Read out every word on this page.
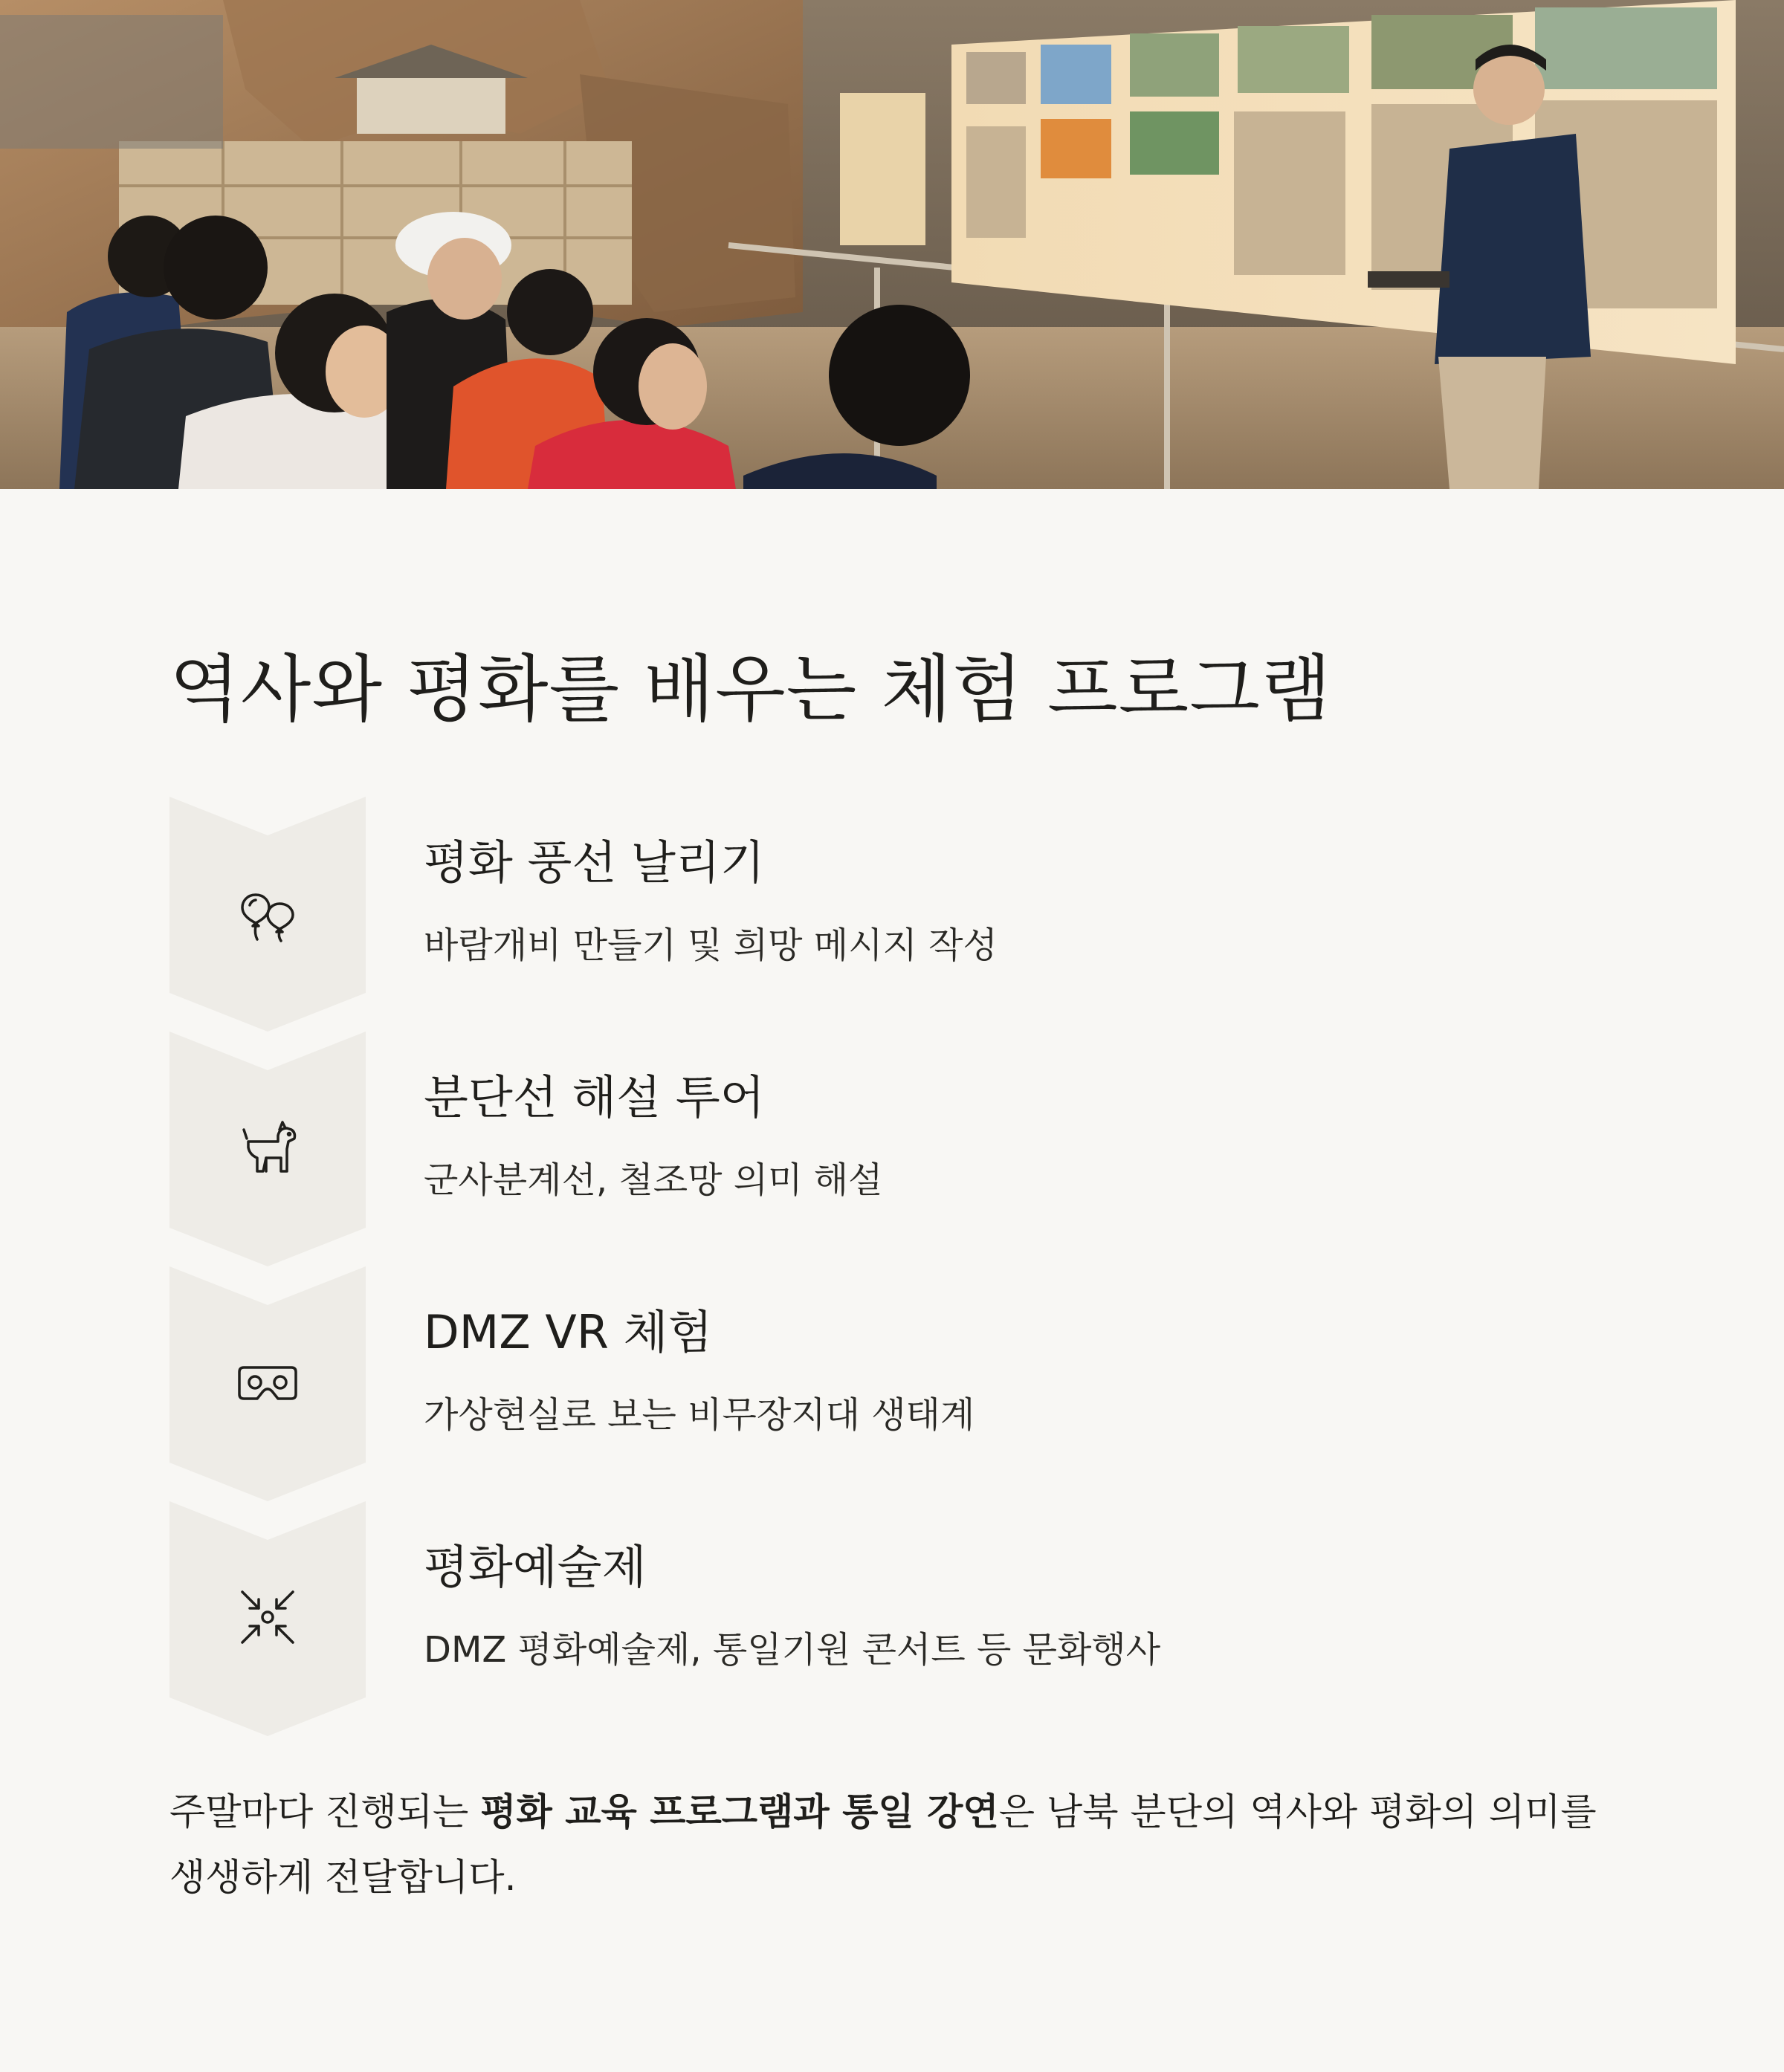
역사와 평화를 배우는 체험 프로그램
평화 풍선 날리기
바람개비 만들기 및 희망 메시지 작성
분단선 해설 투어
군사분계선, 철조망 의미 해설
DMZ VR 체험
가상현실로 보는 비무장지대 생태계
평화예술제
DMZ 평화예술제, 통일기원 콘서트 등 문화행사

주말마다 진행되는 평화 교육 프로그램과 통일 강연은 남북 분단의 역사와 평화의 의미를 생생하게 전달합니다.
